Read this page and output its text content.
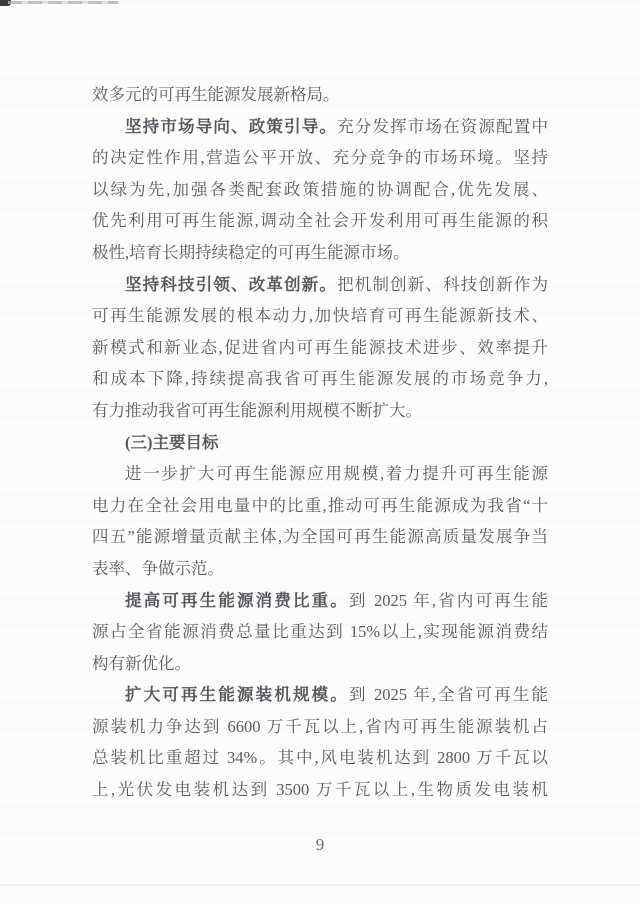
效多元的可再生能源发展新格局。
坚持市场导向、政策引导。充分发挥市场在资源配置中
的决定性作用,营造公平开放、充分竞争的市场环境。坚持
以绿为先,加强各类配套政策措施的协调配合,优先发展、
优先利用可再生能源,调动全社会开发利用可再生能源的积
极性,培育长期持续稳定的可再生能源市场。
坚持科技引领、改革创新。把机制创新、科技创新作为
可再生能源发展的根本动力,加快培育可再生能源新技术、
新模式和新业态,促进省内可再生能源技术进步、效率提升
和成本下降,持续提高我省可再生能源发展的市场竞争力,
有力推动我省可再生能源利用规模不断扩大。
(三)主要目标
进一步扩大可再生能源应用规模,着力提升可再生能源
电力在全社会用电量中的比重,推动可再生能源成为我省“十
四五”能源增量贡献主体,为全国可再生能源高质量发展争当
表率、争做示范。
提高可再生能源消费比重。到 2025 年,省内可再生能
源占全省能源消费总量比重达到 15%以上,实现能源消费结
构有新优化。
扩大可再生能源装机规模。到 2025 年,全省可再生能
源装机力争达到 6600 万千瓦以上,省内可再生能源装机占
总装机比重超过 34%。其中,风电装机达到 2800 万千瓦以
上,光伏发电装机达到 3500 万千瓦以上,生物质发电装机
9
